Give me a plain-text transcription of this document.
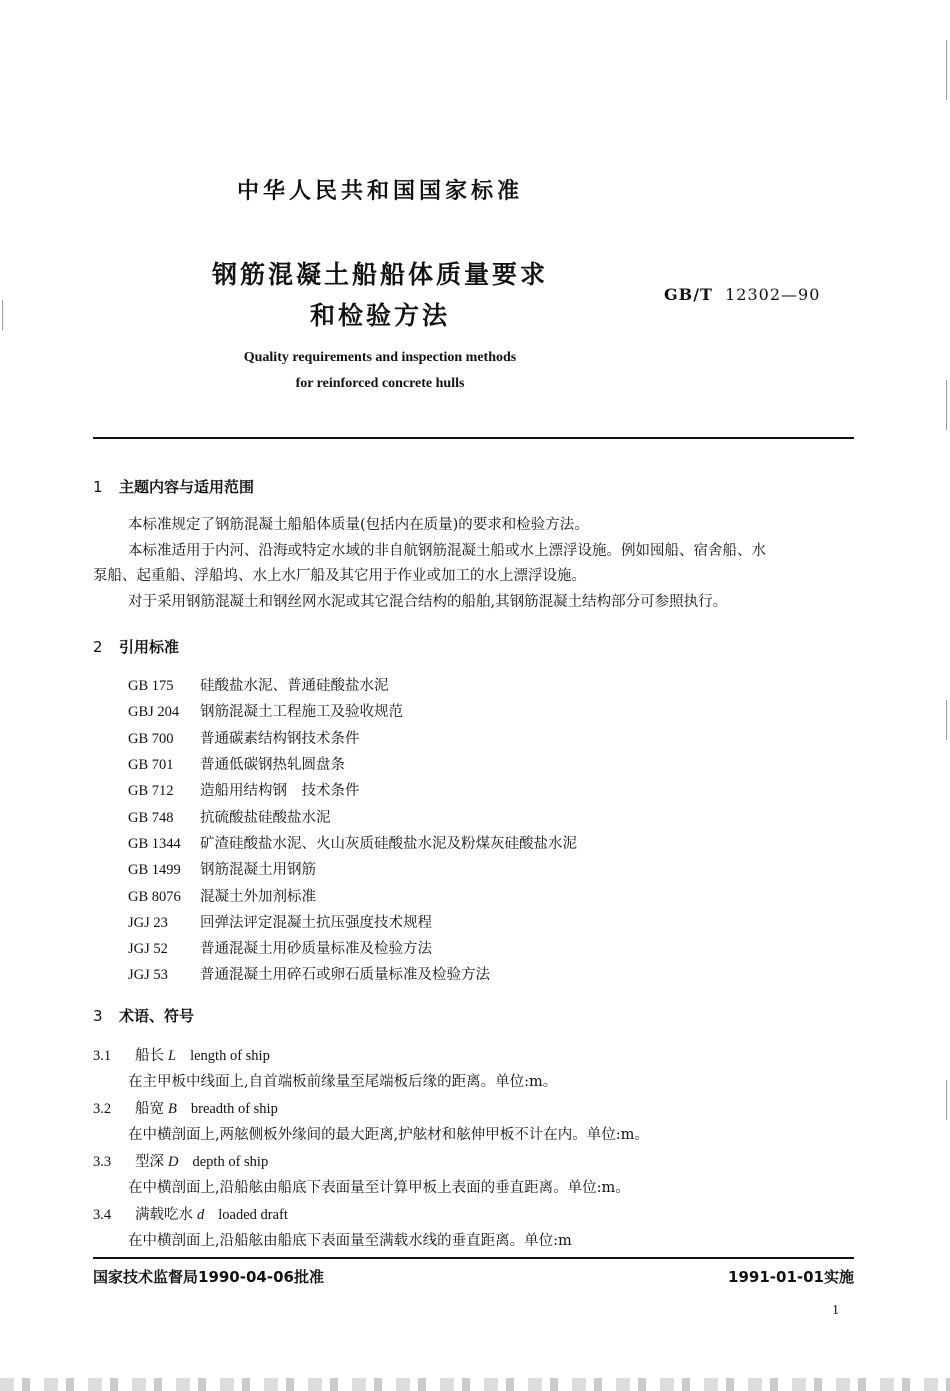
中华人民共和国国家标准
钢筋混凝土船船体质量要求
和检验方法
GB/T 12302—90
Quality requirements and inspection methods
for reinforced concrete hulls
1 主题内容与适用范围
本标准规定了钢筋混凝土船船体质量(包括内在质量)的要求和检验方法。
本标准适用于内河、沿海或特定水域的非自航钢筋混凝土船或水上漂浮设施。例如囤船、宿舍船、水
泵船、起重船、浮船坞、水上水厂船及其它用于作业或加工的水上漂浮设施。
对于采用钢筋混凝土和钢丝网水泥或其它混合结构的船舶,其钢筋混凝土结构部分可参照执行。
2 引用标准
GB 175 硅酸盐水泥、普通硅酸盐水泥
GBJ 204 钢筋混凝土工程施工及验收规范
GB 700 普通碳素结构钢技术条件
GB 701 普通低碳钢热轧圆盘条
GB 712 造船用结构钢　技术条件
GB 748 抗硫酸盐硅酸盐水泥
GB 1344 矿渣硅酸盐水泥、火山灰质硅酸盐水泥及粉煤灰硅酸盐水泥
GB 1499 钢筋混凝土用钢筋
GB 8076 混凝土外加剂标准
JGJ 23 回弹法评定混凝土抗压强度技术规程
JGJ 52 普通混凝土用砂质量标准及检验方法
JGJ 53 普通混凝土用碎石或卵石质量标准及检验方法
3 术语、符号
3.1 船长 L length of ship
在主甲板中线面上,自首端板前缘量至尾端板后缘的距离。单位:m。
3.2 船宽 B breadth of ship
在中横剖面上,两舷侧板外缘间的最大距离,护舷材和舷伸甲板不计在内。单位:m。
3.3 型深 D depth of ship
在中横剖面上,沿船舷由船底下表面量至计算甲板上表面的垂直距离。单位:m。
3.4 满载吃水 d loaded draft
在中横剖面上,沿船舷由船底下表面量至满载水线的垂直距离。单位:m
国家技术监督局1990-04-06批准	1991-01-01实施
1
